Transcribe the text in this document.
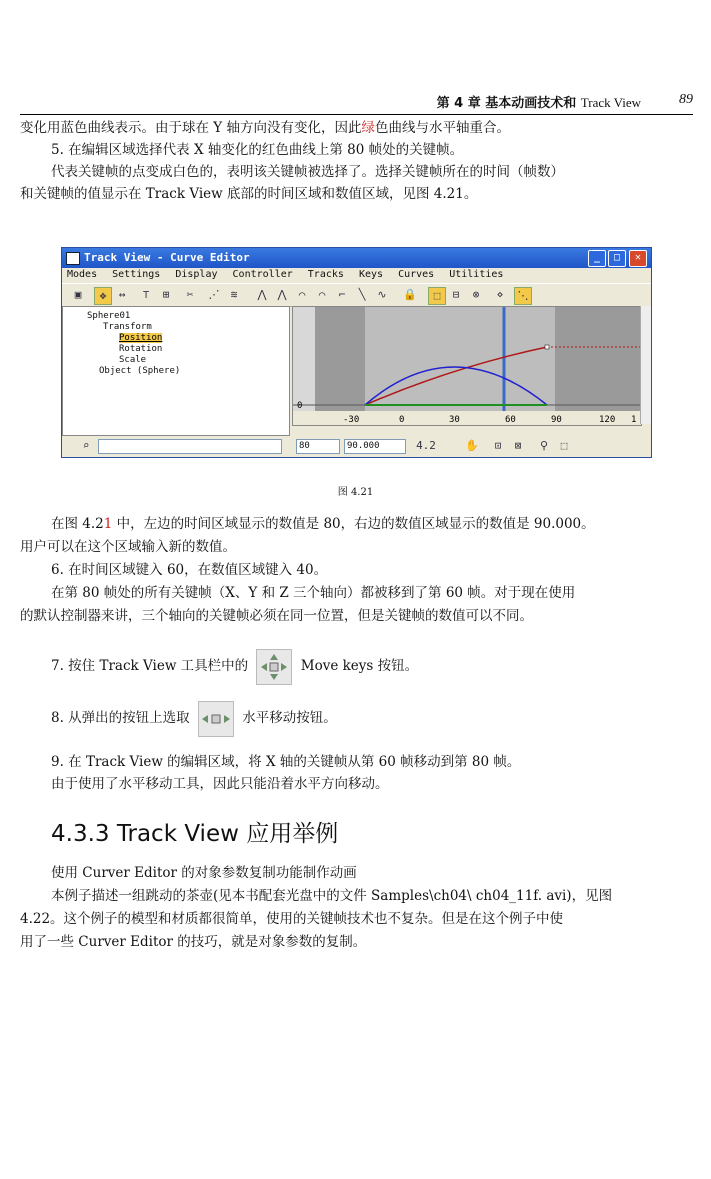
第 4 章 基本动画技术和 Track View	89
变化用蓝色曲线表示。由于球在 Y 轴方向没有变化，因此绿色曲线与水平轴重合。
5. 在编辑区域选择代表 X 轴变化的红色曲线上第 80 帧处的关键帧。
代表关键帧的点变成白色的，表明该关键帧被选择了。选择关键帧所在的时间（帧数）
和关键帧的值显示在 Track View 底部的时间区域和数值区域，见图 4.21。
Track View - Curve Editor	_	□	✕
Modes Settings Display Controller Tracks Keys Curves Utilities
▣	✥	↔	⊤	⊞	✂	⋰	≋	⋀ ⋀	⌒	⌒	⌐	╲	∿	🔒	⬚	⊟	⊗	⋄	⋱
Sphere01
Transform
Position
Rotation
Scale
Object (Sphere)
0
-30	0	30	60	90	120 1
⌕	80	90.000	4.2	✋	⊡	⊠	⚲	⬚
图 4.21
在图 4.21 中，左边的时间区域显示的数值是 80，右边的数值区域显示的数值是 90.000。
用户可以在这个区域输入新的数值。
6. 在时间区域键入 60，在数值区域键入 40。
在第 80 帧处的所有关键帧（X、Y 和 Z 三个轴向）都被移到了第 60 帧。对于现在使用
的默认控制器来讲，三个轴向的关键帧必须在同一位置，但是关键帧的数值可以不同。
7. 按住 Track View 工具栏中的	Move keys 按钮。
8. 从弹出的按钮上选取	水平移动按钮。
9. 在 Track View 的编辑区域，将 X 轴的关键帧从第 60 帧移动到第 80 帧。
由于使用了水平移动工具，因此只能沿着水平方向移动。
4.3.3 Track View 应用举例
使用 Curver Editor 的对象参数复制功能制作动画
本例子描述一组跳动的茶壶(见本书配套光盘中的文件 Samples\ch04\ ch04_11f. avi)，见图
4.22。这个例子的模型和材质都很简单，使用的关键帧技术也不复杂。但是在这个例子中使
用了一些 Curver Editor 的技巧，就是对象参数的复制。
